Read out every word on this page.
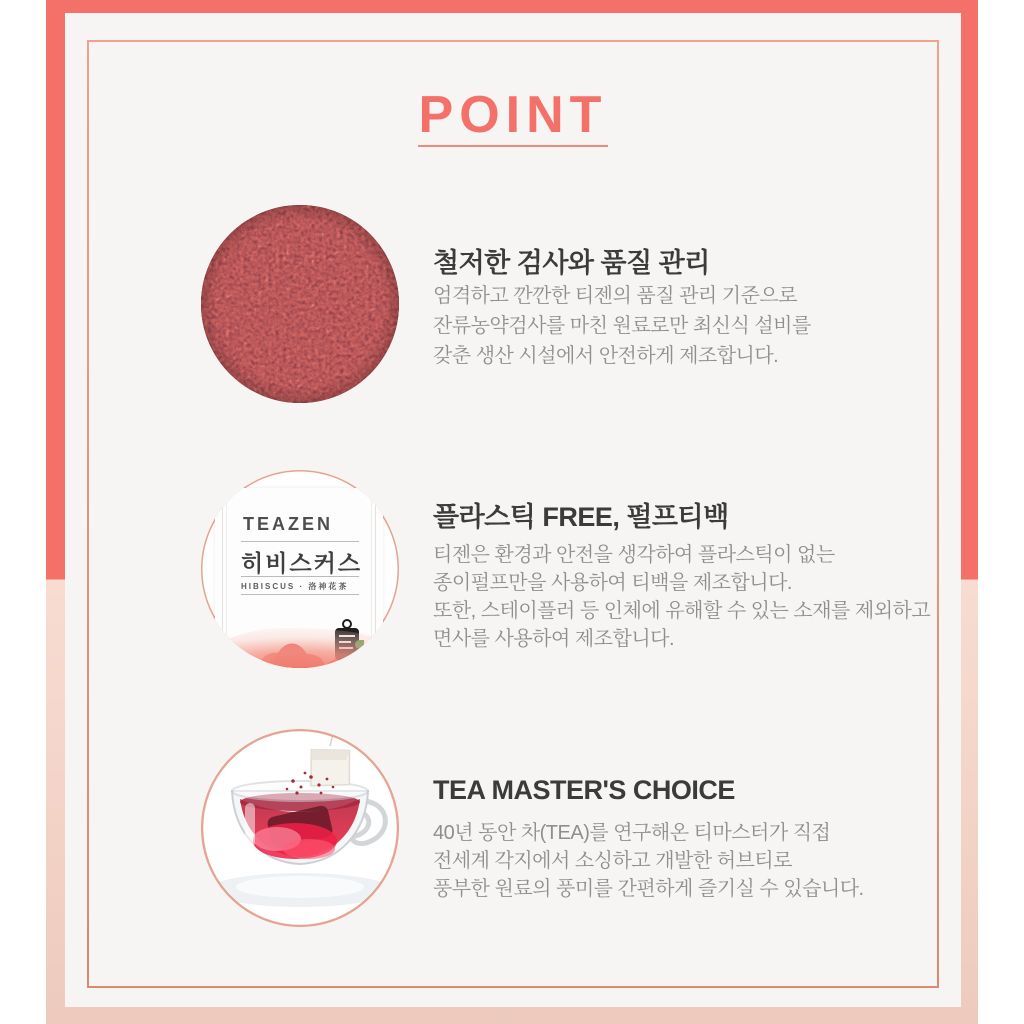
POINT
철저한 검사와 품질 관리
엄격하고 깐깐한 티젠의 품질 관리 기준으로
잔류농약검사를 마친 원료로만 최신식 설비를
갖춘 생산 시설에서 안전하게 제조합니다.
TEAZEN
히비스커스
HIBISCUS · 洛神花茶
플라스틱 FREE, 펄프티백
티젠은 환경과 안전을 생각하여 플라스틱이 없는
종이펄프만을 사용하여 티백을 제조합니다.
또한, 스테이플러 등 인체에 유해할 수 있는 소재를 제외하고
면사를 사용하여 제조합니다.
TEA MASTER'S CHOICE
40년 동안 차(TEA)를 연구해온 티마스터가 직접
전세계 각지에서 소싱하고 개발한 허브티로
풍부한 원료의 풍미를 간편하게 즐기실 수 있습니다.
